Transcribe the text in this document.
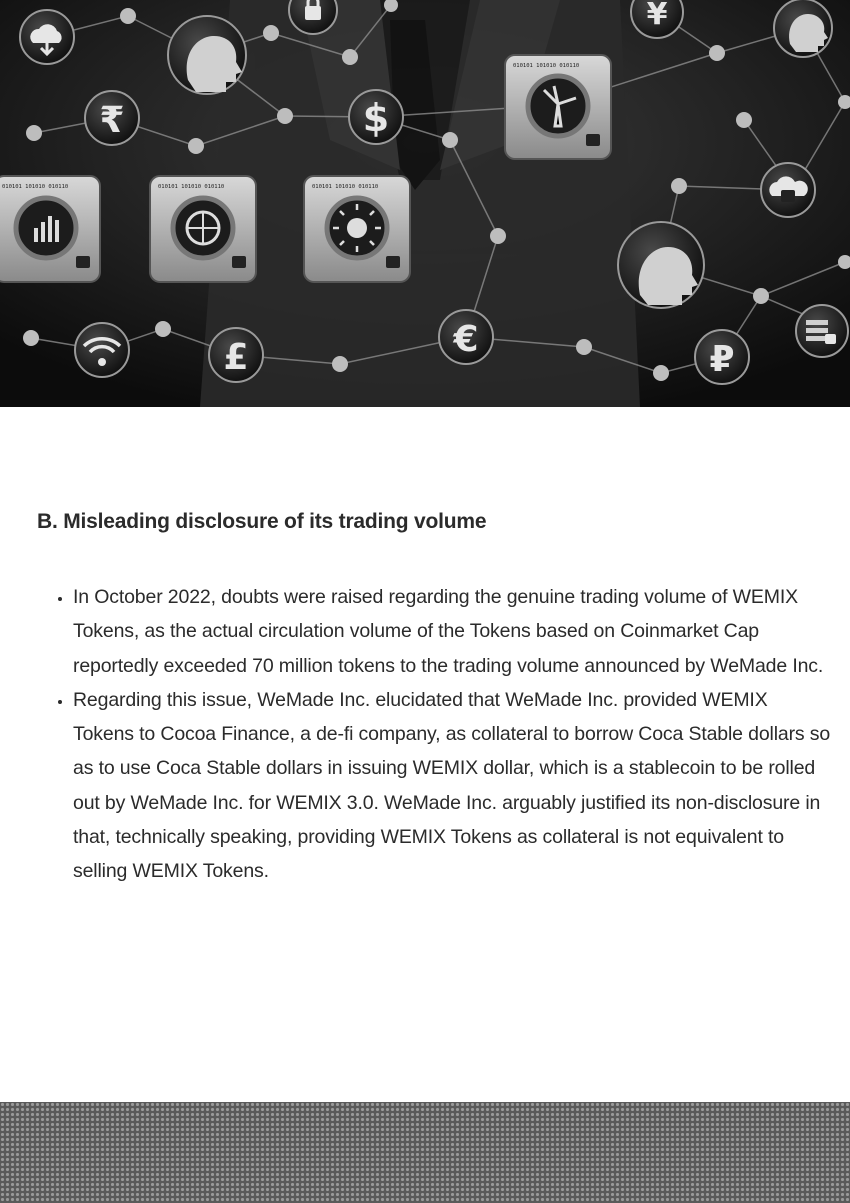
₹	$
¥
£	€	₽
010101 101010 010110	010101 101010 010110	010101 101010 010110
010101 101010 010110
B. Misleading disclosure of its trading volume
• In October 2022, doubts were raised regarding the genuine trading volume of WEMIX Tokens, as the actual circulation volume of the Tokens based on Coinmarket Cap reportedly exceeded 70 million tokens to the trading volume announced by WeMade Inc.
• Regarding this issue, WeMade Inc. elucidated that WeMade Inc. provided WEMIX Tokens to Cocoa Finance, a de-fi company, as collateral to borrow Coca Stable dollars so as to use Coca Stable dollars in issuing WEMIX dollar, which is a stablecoin to be rolled out by WeMade Inc. for WEMIX 3.0. WeMade Inc. arguably justified its non-disclosure in that, technically speaking, providing WEMIX Tokens as collateral is not equivalent to selling WEMIX Tokens.
